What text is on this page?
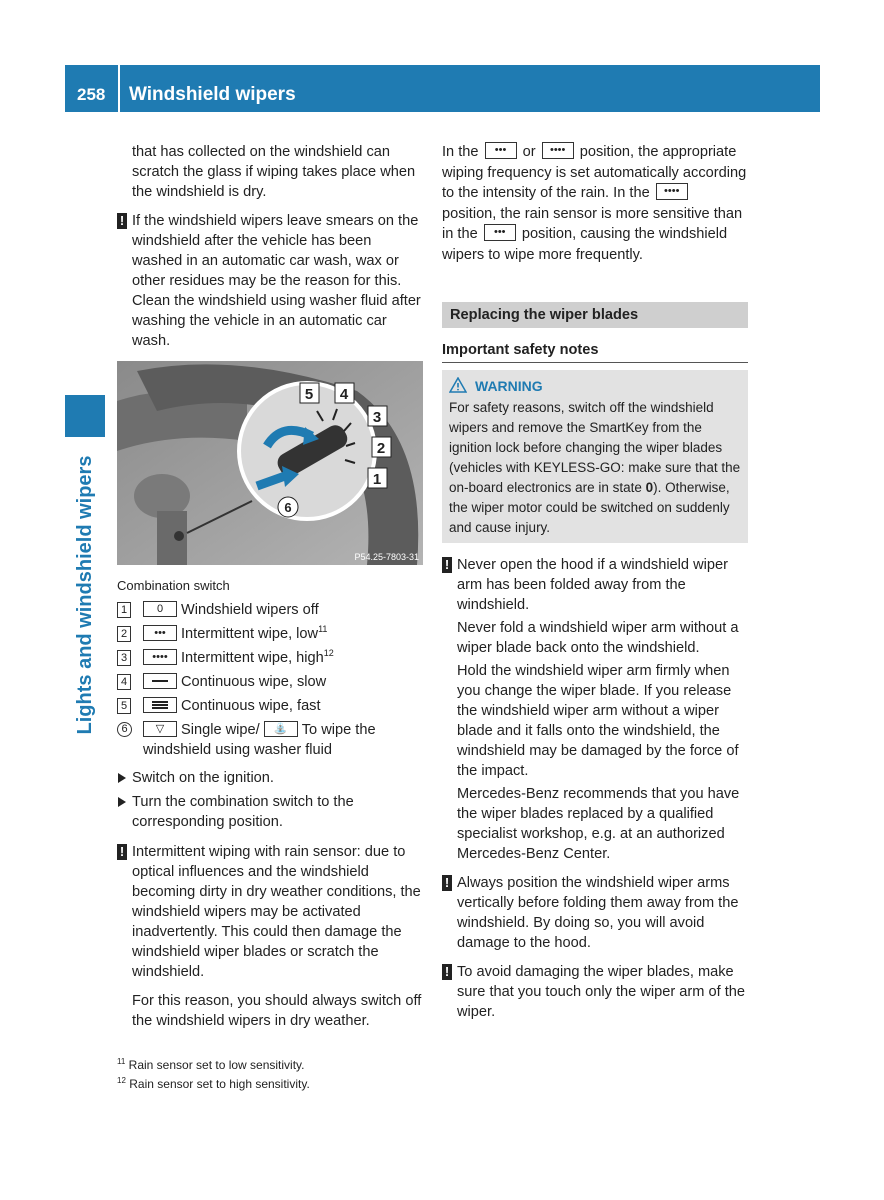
258 Windshield wipers
Lights and windshield wipers

that has collected on the windshield can scratch the glass if wiping takes place when the windshield is dry.

! If the windshield wipers leave smears on the windshield after the vehicle has been washed in an automatic car wash, wax or other residues may be the reason for this. Clean the windshield using washer fluid after washing the vehicle in an automatic car wash.
5 4
3
2
1
6
P54.25-7803-31
Combination switch
1	0 Windshield wipers off
2	••• Intermittent wipe, low$^{11}$
3	•••• Intermittent wipe, high$^{12}$
4	Continuous wipe, slow
5	Continuous wipe, fast
6	▽ Single wipe/ ⛲ To wipe the windshield using washer fluid
Switch on the ignition.
Turn the combination switch to the corresponding position.
! Intermittent wiping with rain sensor: due to optical influences and the windshield becoming dirty in dry weather conditions, the windshield wipers may be activated inadvertently. This could then damage the windshield wiper blades or scratch the windshield.

For this reason, you should always switch off the windshield wipers in dry weather.

In the ••• or •••• position, the appropriate wiping frequency is set automatically according to the intensity of the rain. In the •••• position, the rain sensor is more sensitive than in the ••• position, causing the windshield wipers to wipe more frequently.

Replacing the wiper blades
Important safety notes
WARNING
For safety reasons, switch off the windshield wipers and remove the SmartKey from the ignition lock before changing the wiper blades (vehicles with KEYLESS-GO: make sure that the on-board electronics are in state 0). Otherwise, the wiper motor could be switched on suddenly and cause injury.
! Never open the hood if a windshield wiper arm has been folded away from the windshield.

Never fold a windshield wiper arm without a wiper blade back onto the windshield.

Hold the windshield wiper arm firmly when you change the wiper blade. If you release the windshield wiper arm without a wiper blade and it falls onto the windshield, the windshield may be damaged by the force of the impact.

Mercedes-Benz recommends that you have the wiper blades replaced by a qualified specialist workshop, e.g. at an authorized Mercedes-Benz Center.

! Always position the windshield wiper arms vertically before folding them away from the windshield. By doing so, you will avoid damage to the hood.
! To avoid damaging the wiper blades, make sure that you touch only the wiper arm of the wiper.
$^{11}$ Rain sensor set to low sensitivity.
$^{12}$ Rain sensor set to high sensitivity.
